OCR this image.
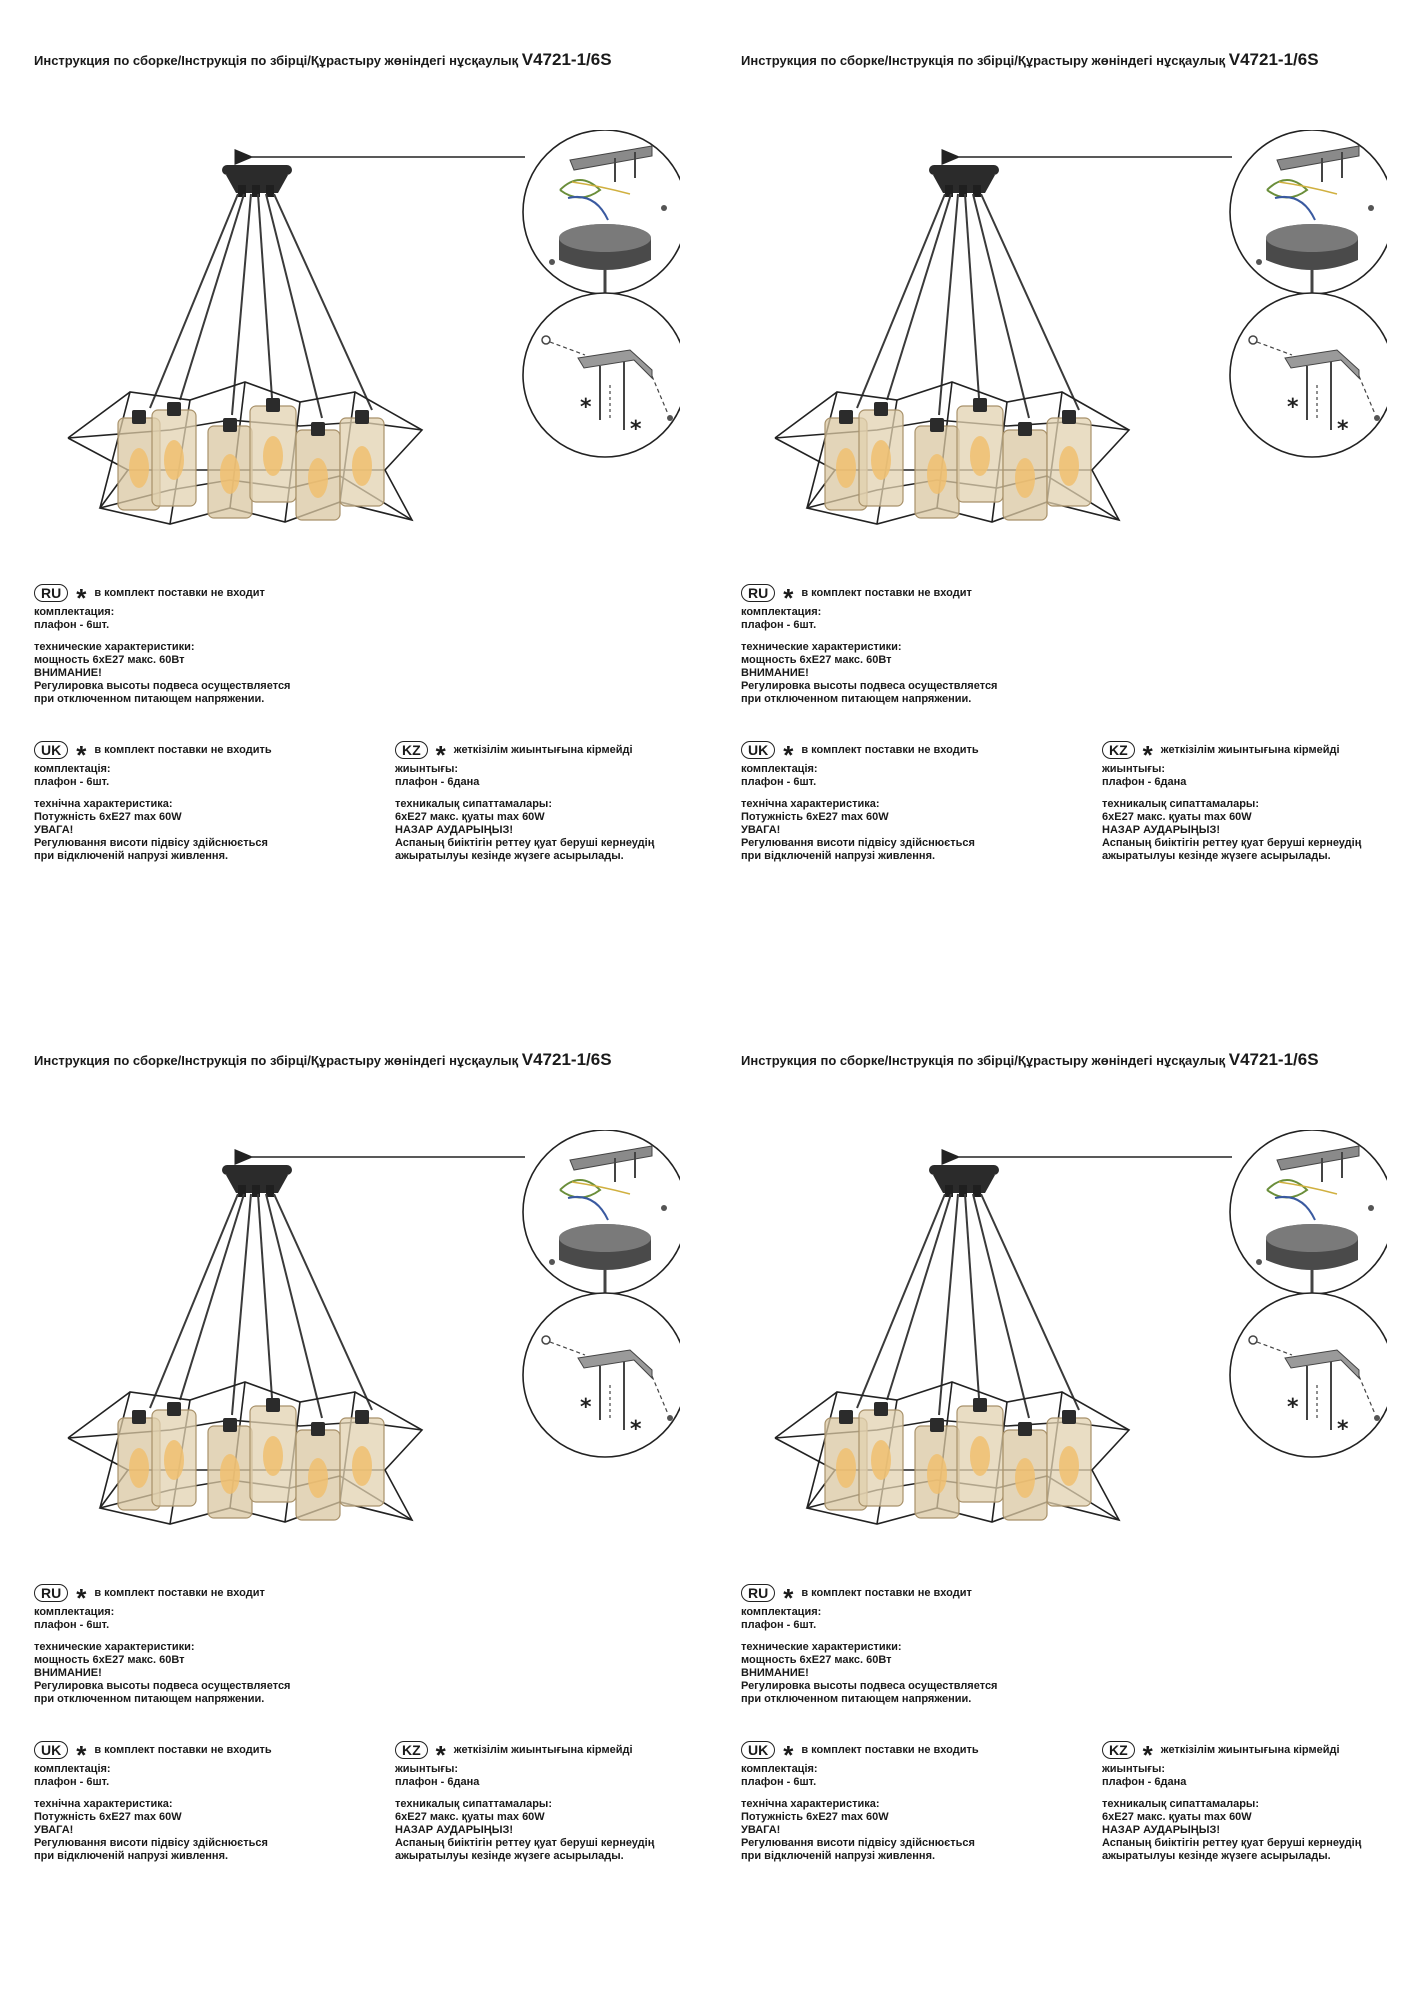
Инструкция по сборке/Інструкція по збірці/Құрастыру жөніндегі нұсқаулық V4721-1/6S
*
*
RU * в комплект поставки не входит
комплектация:
плафон - 6шт.
технические характеристики:
мощность 6хЕ27 макс. 60Вт
ВНИМАНИЕ!
Регулировка высоты подвеса осуществляется
при отключенном питающем напряжении.
UK * в комплект поставки не входить
комплектація:
плафон - 6шт.
технічна характеристика:
Потужність 6хЕ27 max 60W
УВАГА!
Регулювання висоти підвісу здійснюється
при відключеній напрузі живлення.
KZ * жеткізілім жиынтығына кірмейді
жиынтығы:
плафон - 6дана
техникалық сипаттамалары:
6хЕ27 макс. қуаты max 60W
НАЗАР АУДАРЫҢЫЗ!
Аспаның биіктігін реттеу қуат беруші кернеудің
ажыратылуы кезінде жүзеге асырылады.
Инструкция по сборке/Інструкція по збірці/Құрастыру жөніндегі нұсқаулық V4721-1/6S
*
*
RU * в комплект поставки не входит
комплектация:
плафон - 6шт.
технические характеристики:
мощность 6хЕ27 макс. 60Вт
ВНИМАНИЕ!
Регулировка высоты подвеса осуществляется
при отключенном питающем напряжении.
UK * в комплект поставки не входить
комплектація:
плафон - 6шт.
технічна характеристика:
Потужність 6хЕ27 max 60W
УВАГА!
Регулювання висоти підвісу здійснюється
при відключеній напрузі живлення.
KZ * жеткізілім жиынтығына кірмейді
жиынтығы:
плафон - 6дана
техникалық сипаттамалары:
6хЕ27 макс. қуаты max 60W
НАЗАР АУДАРЫҢЫЗ!
Аспаның биіктігін реттеу қуат беруші кернеудің
ажыратылуы кезінде жүзеге асырылады.
Инструкция по сборке/Інструкція по збірці/Құрастыру жөніндегі нұсқаулық V4721-1/6S
*
*
RU * в комплект поставки не входит
комплектация:
плафон - 6шт.
технические характеристики:
мощность 6хЕ27 макс. 60Вт
ВНИМАНИЕ!
Регулировка высоты подвеса осуществляется
при отключенном питающем напряжении.
UK * в комплект поставки не входить
комплектація:
плафон - 6шт.
технічна характеристика:
Потужність 6хЕ27 max 60W
УВАГА!
Регулювання висоти підвісу здійснюється
при відключеній напрузі живлення.
KZ * жеткізілім жиынтығына кірмейді
жиынтығы:
плафон - 6дана
техникалық сипаттамалары:
6хЕ27 макс. қуаты max 60W
НАЗАР АУДАРЫҢЫЗ!
Аспаның биіктігін реттеу қуат беруші кернеудің
ажыратылуы кезінде жүзеге асырылады.
Инструкция по сборке/Інструкція по збірці/Құрастыру жөніндегі нұсқаулық V4721-1/6S
*
*
RU * в комплект поставки не входит
комплектация:
плафон - 6шт.
технические характеристики:
мощность 6хЕ27 макс. 60Вт
ВНИМАНИЕ!
Регулировка высоты подвеса осуществляется
при отключенном питающем напряжении.
UK * в комплект поставки не входить
комплектація:
плафон - 6шт.
технічна характеристика:
Потужність 6хЕ27 max 60W
УВАГА!
Регулювання висоти підвісу здійснюється
при відключеній напрузі живлення.
KZ * жеткізілім жиынтығына кірмейді
жиынтығы:
плафон - 6дана
техникалық сипаттамалары:
6хЕ27 макс. қуаты max 60W
НАЗАР АУДАРЫҢЫЗ!
Аспаның биіктігін реттеу қуат беруші кернеудің
ажыратылуы кезінде жүзеге асырылады.
